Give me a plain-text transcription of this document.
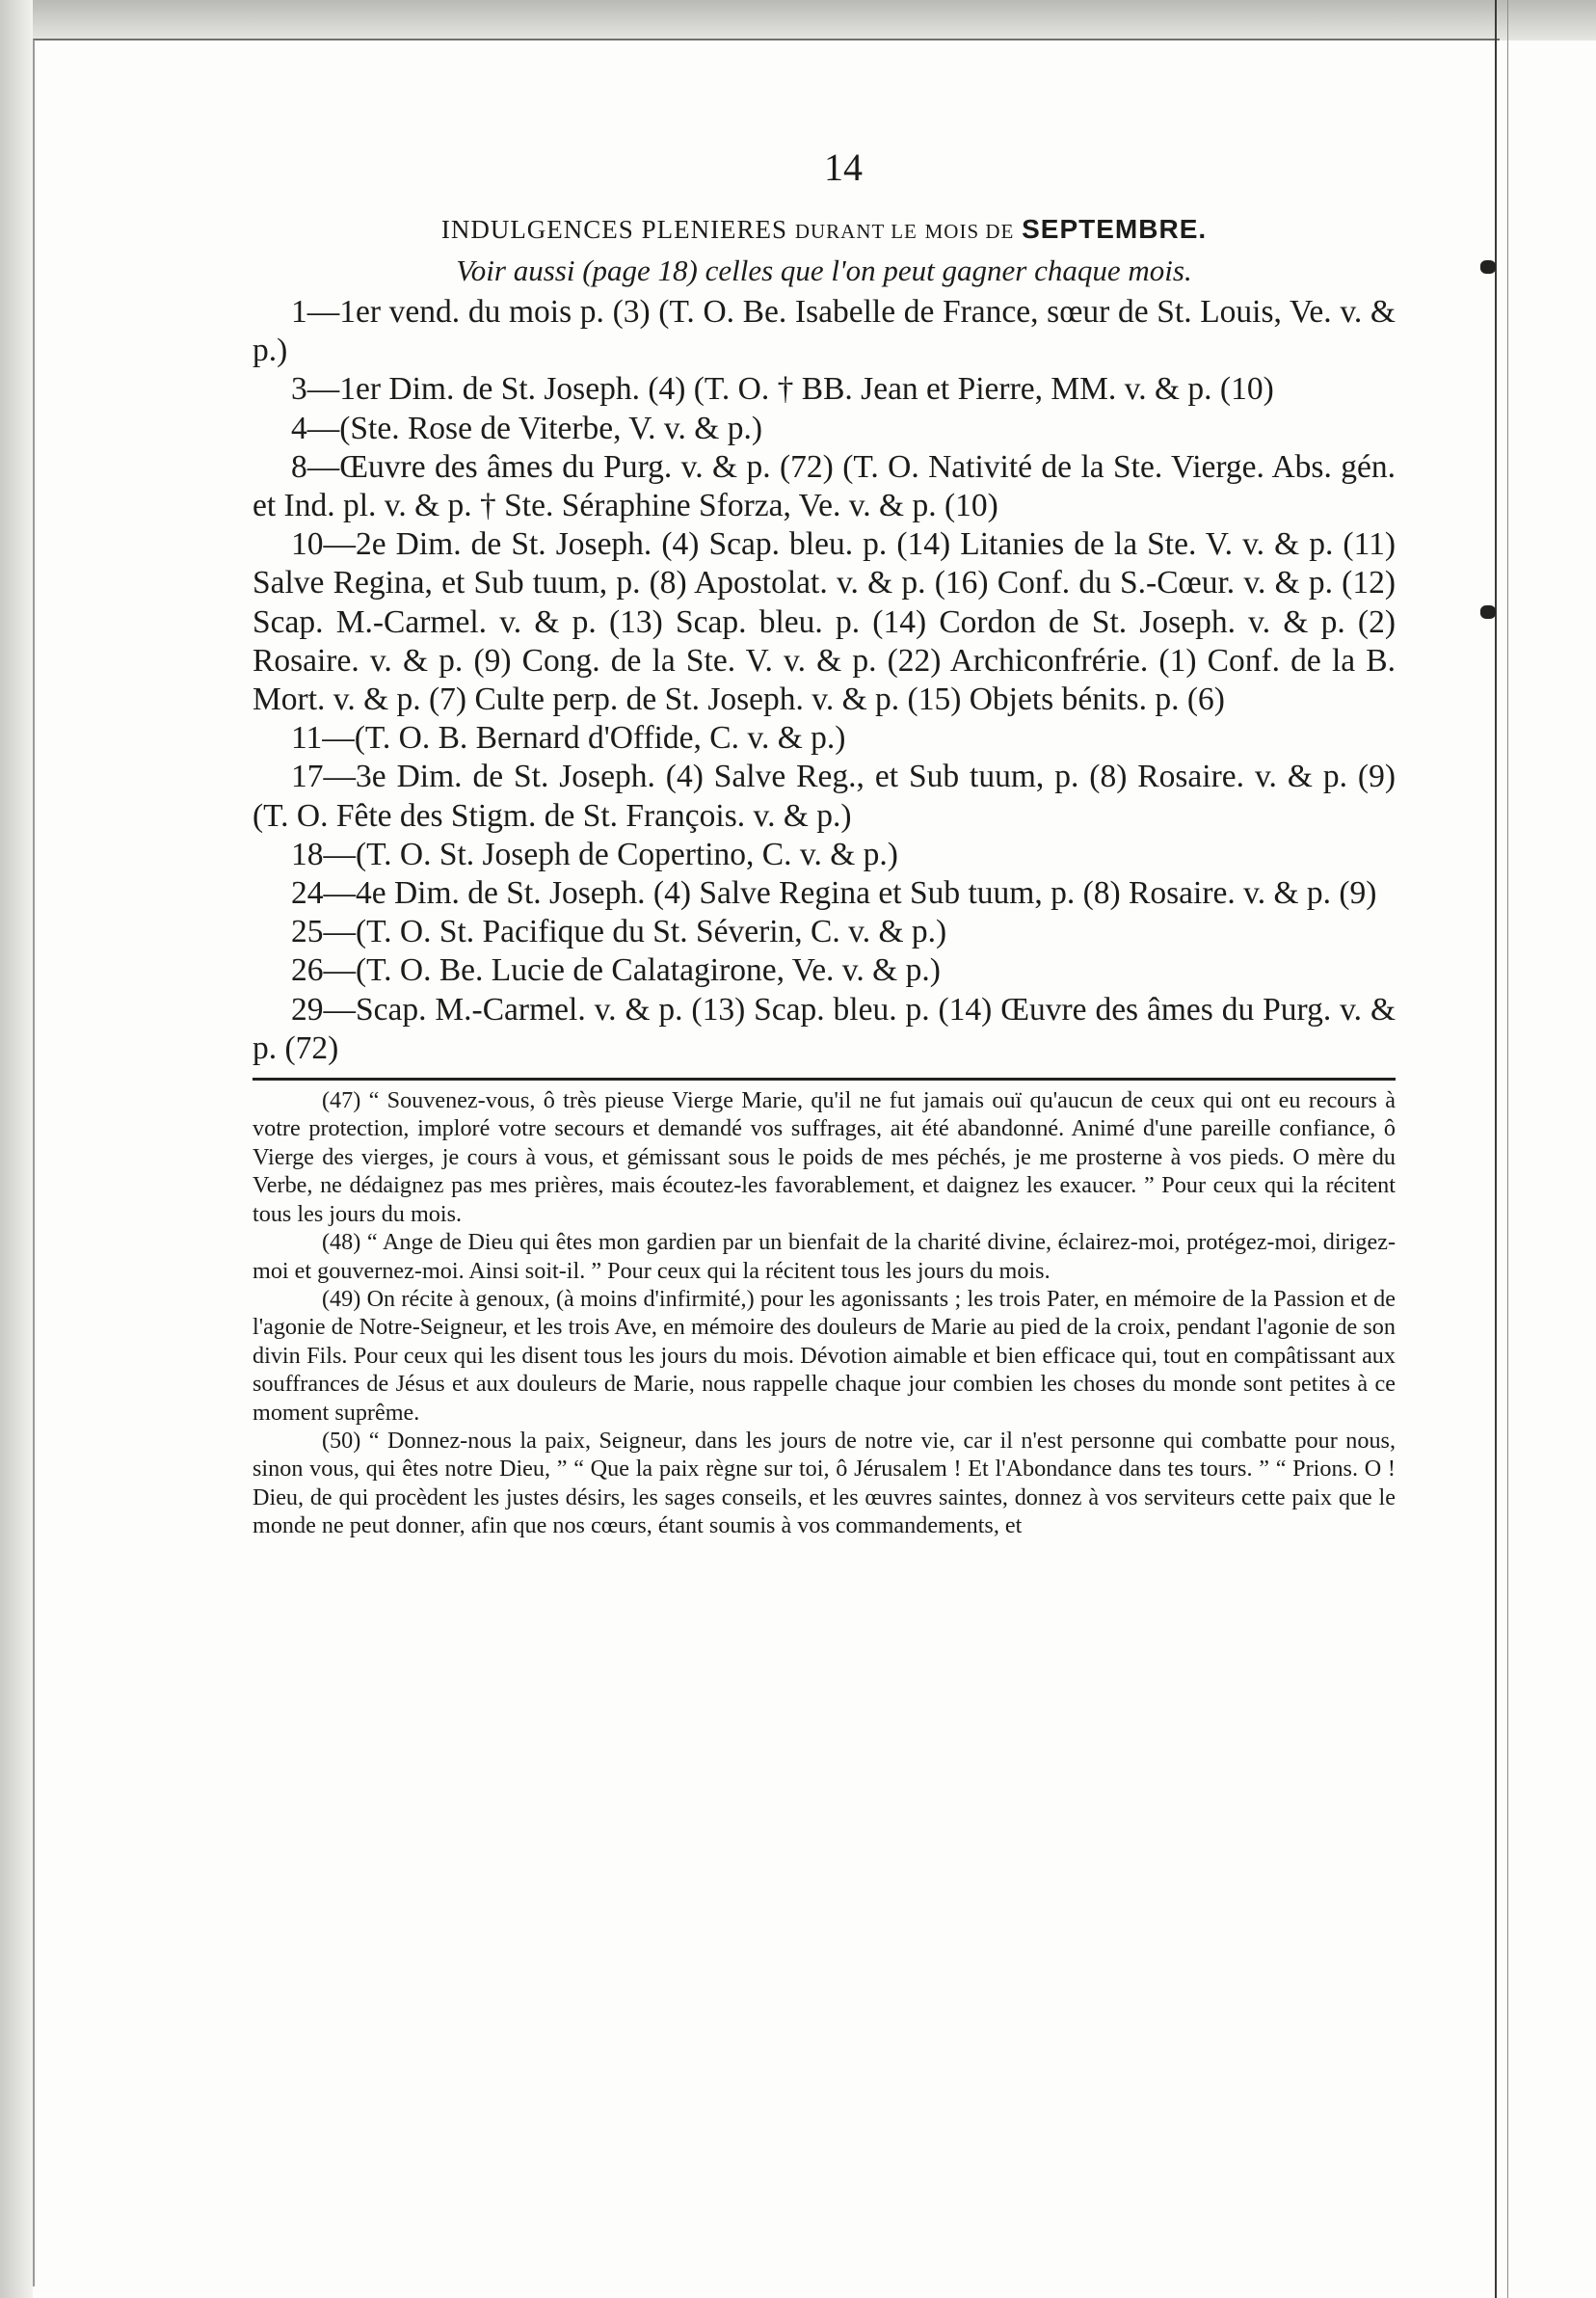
14
INDULGENCES PLENIERES DURANT LE MOIS DE SEPTEMBRE.
Voir aussi (page 18) celles que l'on peut gagner chaque mois.

1—1er vend. du mois p. (3) (T. O. Be. Isabelle de France, sœur de St. Louis, Ve. v. & p.)

3—1er Dim. de St. Joseph. (4) (T. O. † BB. Jean et Pierre, MM. v. & p. (10)

4—(Ste. Rose de Viterbe, V. v. & p.)

8—Œuvre des âmes du Purg. v. & p. (72) (T. O. Nativité de la Ste. Vierge. Abs. gén. et Ind. pl. v. & p. † Ste. Séraphine Sforza, Ve. v. & p. (10)

10—2e Dim. de St. Joseph. (4) Scap. bleu. p. (14) Litanies de la Ste. V. v. & p. (11) Salve Regina, et Sub tuum, p. (8) Apostolat. v. & p. (16) Conf. du S.-Cœur. v. & p. (12) Scap. M.-Carmel. v. & p. (13) Scap. bleu. p. (14) Cordon de St. Joseph. v. & p. (2) Rosaire. v. & p. (9) Cong. de la Ste. V. v. & p. (22) Archiconfrérie. (1) Conf. de la B. Mort. v. & p. (7) Culte perp. de St. Joseph. v. & p. (15) Objets bénits. p. (6)

11—(T. O. B. Bernard d'Offide, C. v. & p.)

17—3e Dim. de St. Joseph. (4) Salve Reg., et Sub tuum, p. (8) Rosaire. v. & p. (9) (T. O. Fête des Stigm. de St. François. v. & p.)

18—(T. O. St. Joseph de Copertino, C. v. & p.)

24—4e Dim. de St. Joseph. (4) Salve Regina et Sub tuum, p. (8) Rosaire. v. & p. (9)

25—(T. O. St. Pacifique du St. Séverin, C. v. & p.)

26—(T. O. Be. Lucie de Calatagirone, Ve. v. & p.)

29—Scap. M.-Carmel. v. & p. (13) Scap. bleu. p. (14) Œuvre des âmes du Purg. v. & p. (72)

(47) “ Souvenez-vous, ô très pieuse Vierge Marie, qu'il ne fut jamais ouï qu'aucun de ceux qui ont eu recours à votre protection, imploré votre secours et demandé vos suffrages, ait été abandonné. Animé d'une pareille confiance, ô Vierge des vierges, je cours à vous, et gémissant sous le poids de mes péchés, je me prosterne à vos pieds. O mère du Verbe, ne dédaignez pas mes prières, mais écoutez-les favorablement, et daignez les exaucer. ” Pour ceux qui la récitent tous les jours du mois.

(48) “ Ange de Dieu qui êtes mon gardien par un bienfait de la charité divine, éclairez-moi, protégez-moi, dirigez-moi et gouvernez-moi. Ainsi soit-il. ” Pour ceux qui la récitent tous les jours du mois.

(49) On récite à genoux, (à moins d'infirmité,) pour les agonissants ; les trois Pater, en mémoire de la Passion et de l'agonie de Notre-Seigneur, et les trois Ave, en mémoire des douleurs de Marie au pied de la croix, pendant l'agonie de son divin Fils. Pour ceux qui les disent tous les jours du mois. Dévotion aimable et bien efficace qui, tout en compâtissant aux souffrances de Jésus et aux douleurs de Marie, nous rappelle chaque jour combien les choses du monde sont petites à ce moment suprême.

(50) “ Donnez-nous la paix, Seigneur, dans les jours de notre vie, car il n'est personne qui combatte pour nous, sinon vous, qui êtes notre Dieu, ” “ Que la paix règne sur toi, ô Jérusalem ! Et l'Abondance dans tes tours. ” “ Prions. O ! Dieu, de qui procèdent les justes désirs, les sages conseils, et les œuvres saintes, donnez à vos serviteurs cette paix que le monde ne peut donner, afin que nos cœurs, étant soumis à vos commandements, et
